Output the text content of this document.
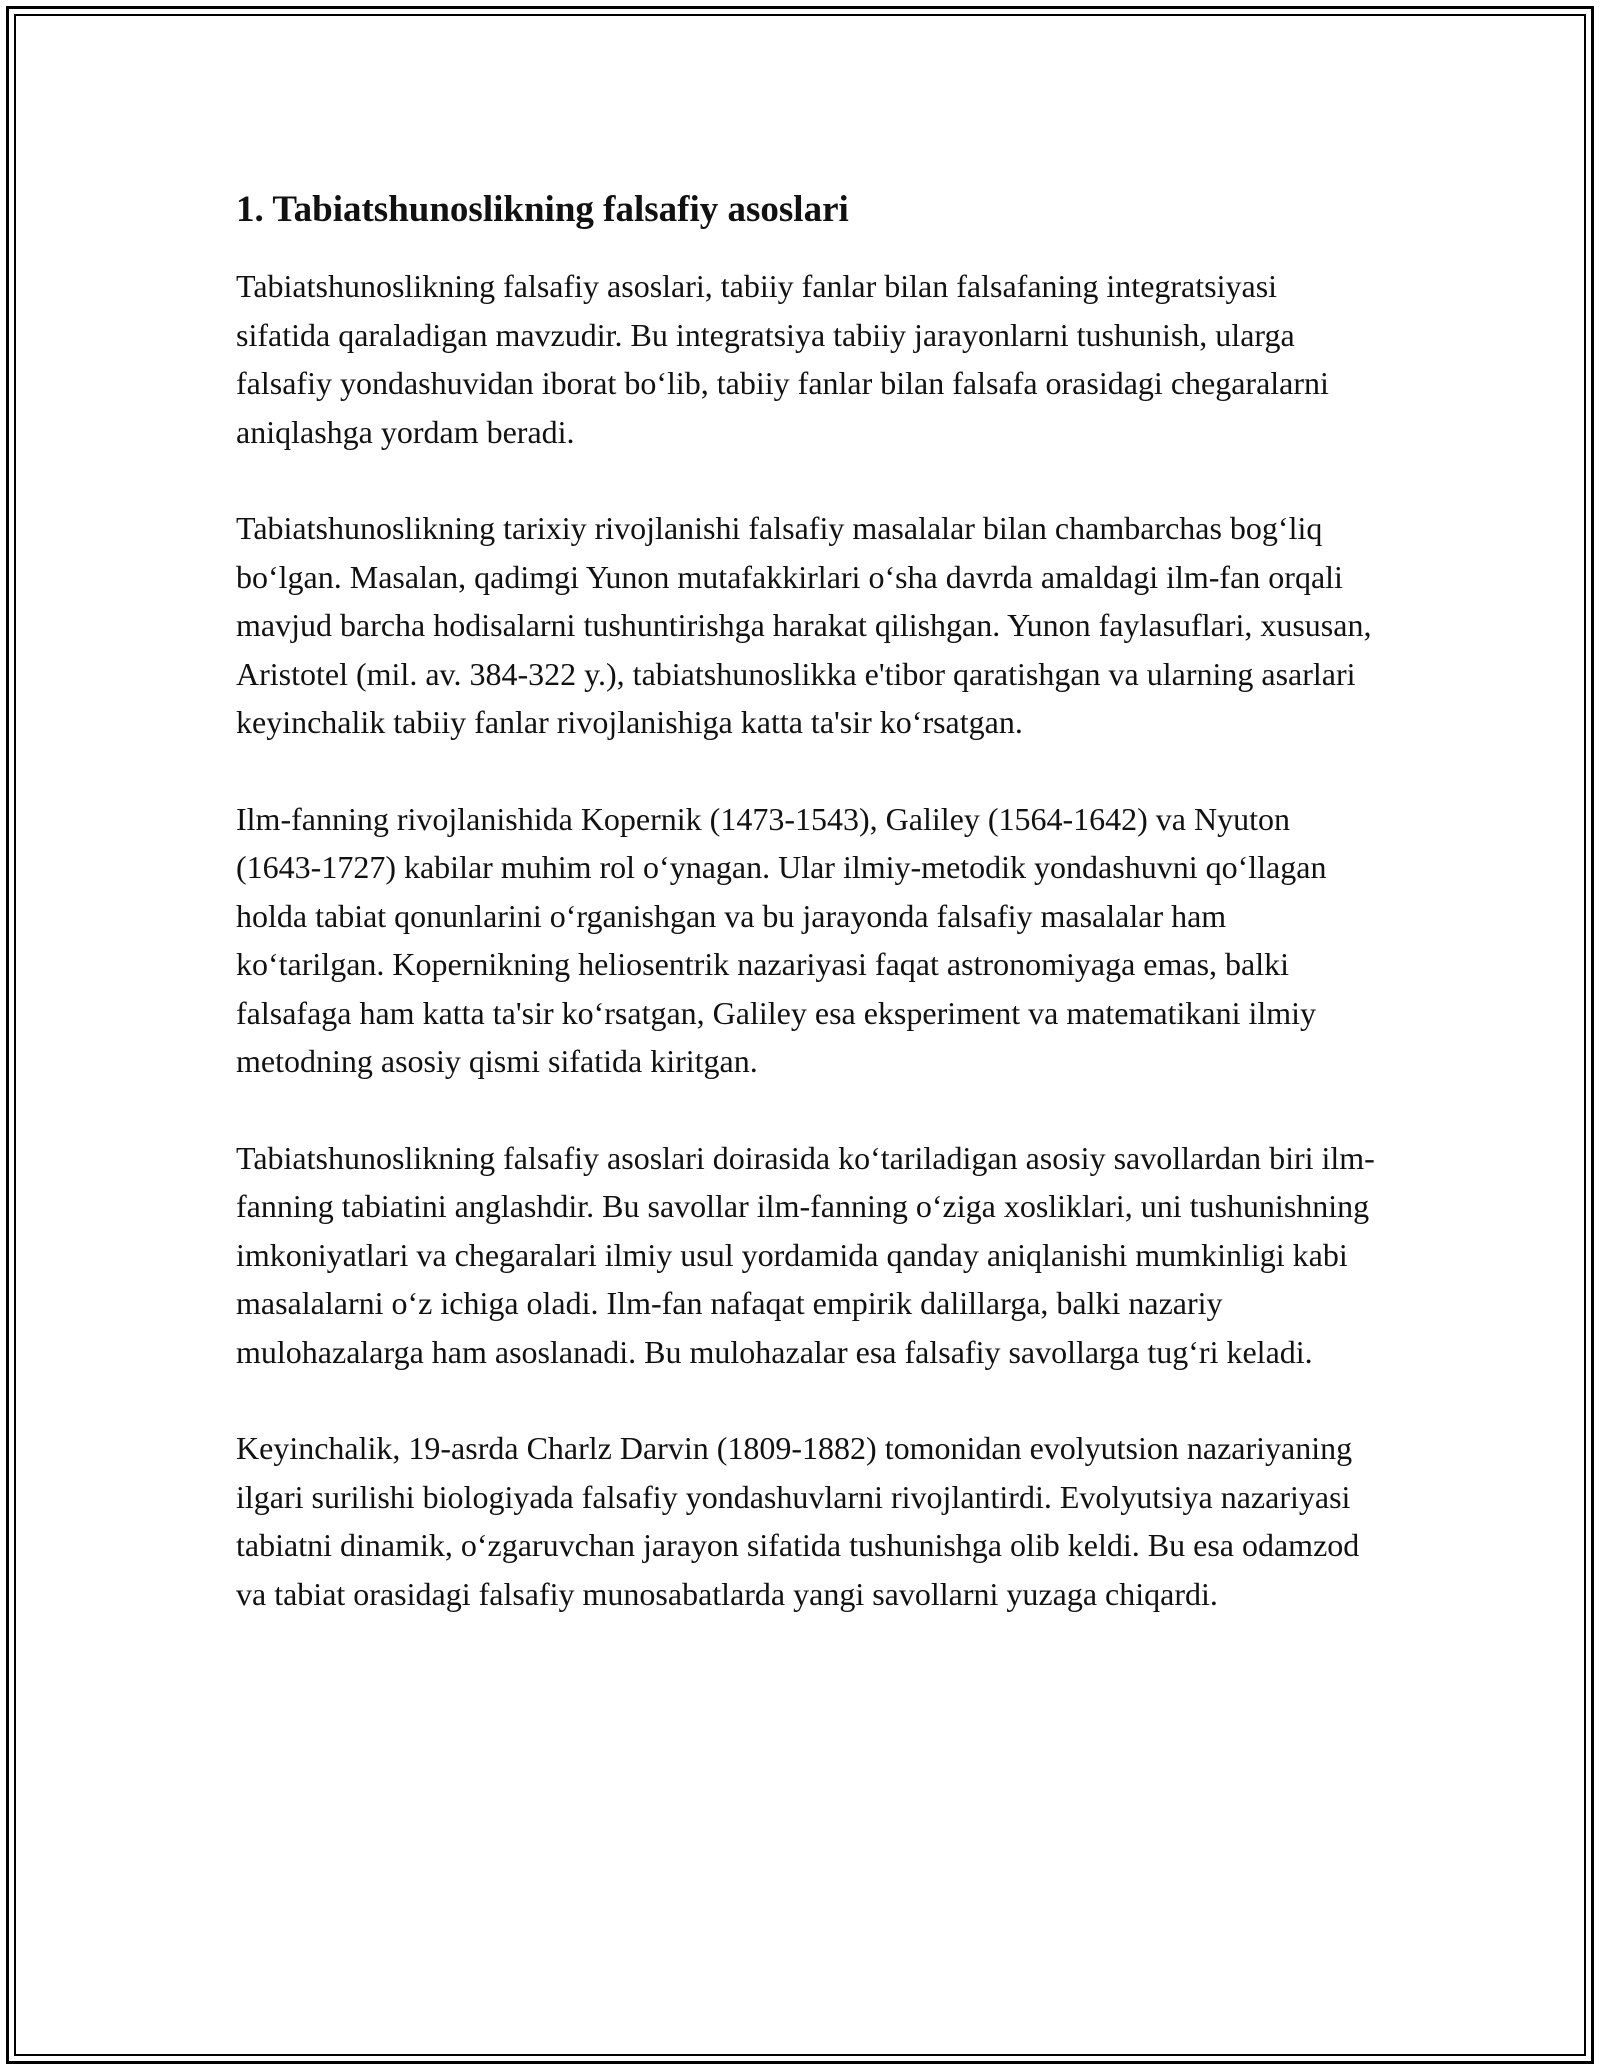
1. Tabiatshunoslikning falsafiy asoslari

Tabiatshunoslikning falsafiy asoslari, tabiiy fanlar bilan falsafaning integratsiyasi sifatida qaraladigan mavzudir. Bu integratsiya tabiiy jarayonlarni tushunish, ularga falsafiy yondashuvidan iborat bo‘lib, tabiiy fanlar bilan falsafa orasidagi chegaralarni aniqlashga yordam beradi.

Tabiatshunoslikning tarixiy rivojlanishi falsafiy masalalar bilan chambarchas bog‘liq bo‘lgan. Masalan, qadimgi Yunon mutafakkirlari o‘sha davrda amaldagi ilm-fan orqali mavjud barcha hodisalarni tushuntirishga harakat qilishgan. Yunon faylasuflari, xususan, Aristotel (mil. av. 384-322 y.), tabiatshunoslikka e'tibor qaratishgan va ularning asarlari keyinchalik tabiiy fanlar rivojlanishiga katta ta'sir ko‘rsatgan.

Ilm-fanning rivojlanishida Kopernik (1473-1543), Galiley (1564-1642) va Nyuton (1643-1727) kabilar muhim rol o‘ynagan. Ular ilmiy-metodik yondashuvni qo‘llagan holda tabiat qonunlarini o‘rganishgan va bu jarayonda falsafiy masalalar ham ko‘tarilgan. Kopernikning heliosentrik nazariyasi faqat astronomiyaga emas, balki falsafaga ham katta ta'sir ko‘rsatgan, Galiley esa eksperiment va matematikani ilmiy metodning asosiy qismi sifatida kiritgan.

Tabiatshunoslikning falsafiy asoslari doirasida ko‘tariladigan asosiy savollardan biri ilm-fanning tabiatini anglashdir. Bu savollar ilm-fanning o‘ziga xosliklari, uni tushunishning imkoniyatlari va chegaralari ilmiy usul yordamida qanday aniqlanishi mumkinligi kabi masalalarni o‘z ichiga oladi. Ilm-fan nafaqat empirik dalillarga, balki nazariy mulohazalarga ham asoslanadi. Bu mulohazalar esa falsafiy savollarga tug‘ri keladi.

Keyinchalik, 19-asrda Charlz Darvin (1809-1882) tomonidan evolyutsion nazariyaning ilgari surilishi biologiyada falsafiy yondashuvlarni rivojlantirdi. Evolyutsiya nazariyasi tabiatni dinamik, o‘zgaruvchan jarayon sifatida tushunishga olib keldi. Bu esa odamzod va tabiat orasidagi falsafiy munosabatlarda yangi savollarni yuzaga chiqardi.
